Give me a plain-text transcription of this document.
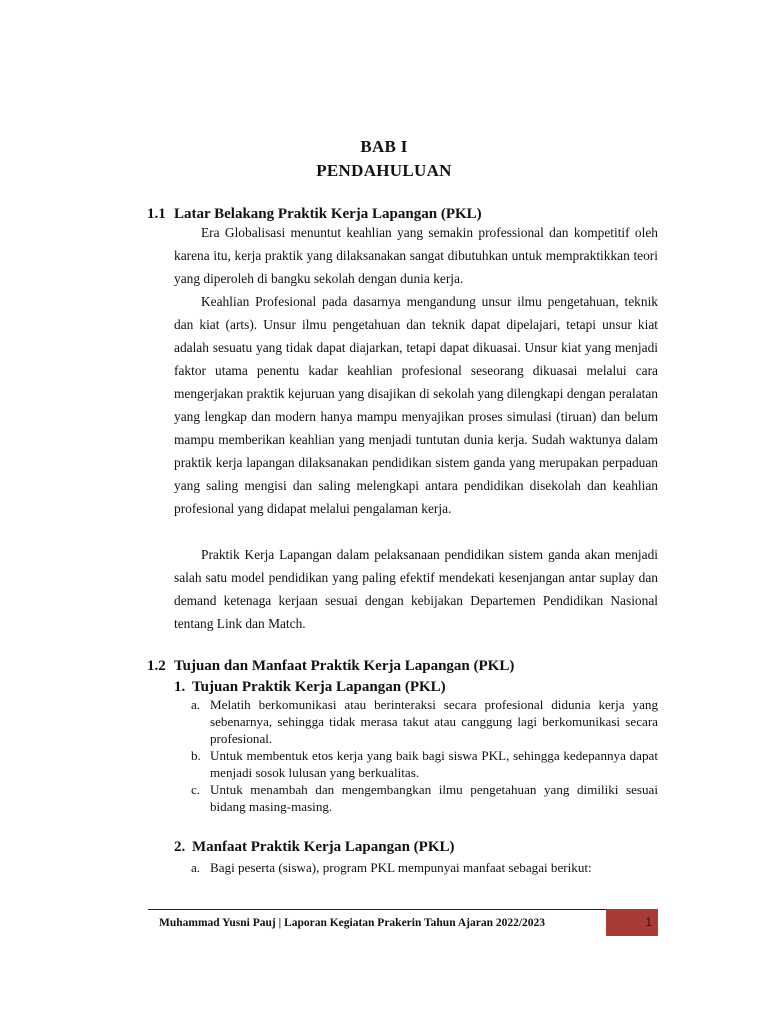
BAB I
PENDAHULUAN
1.1 Latar Belakang Praktik Kerja Lapangan (PKL)

Era Globalisasi menuntut keahlian yang semakin professional dan kompetitif oleh karena itu, kerja praktik yang dilaksanakan sangat dibutuhkan untuk mempraktikkan teori yang diperoleh di bangku sekolah dengan dunia kerja.

Keahlian Profesional pada dasarnya mengandung unsur ilmu pengetahuan, teknik dan kiat (arts). Unsur ilmu pengetahuan dan teknik dapat dipelajari, tetapi unsur kiat adalah sesuatu yang tidak dapat diajarkan, tetapi dapat dikuasai. Unsur kiat yang menjadi faktor utama penentu kadar keahlian profesional seseorang dikuasai melalui cara mengerjakan praktik kejuruan yang disajikan di sekolah yang dilengkapi dengan peralatan yang lengkap dan modern hanya mampu menyajikan proses simulasi (tiruan) dan belum mampu memberikan keahlian yang menjadi tuntutan dunia kerja. Sudah waktunya dalam praktik kerja lapangan dilaksanakan pendidikan sistem ganda yang merupakan perpaduan yang saling mengisi dan saling melengkapi antara pendidikan disekolah dan keahlian profesional yang didapat melalui pengalaman kerja.

Praktik Kerja Lapangan dalam pelaksanaan pendidikan sistem ganda akan menjadi salah satu model pendidikan yang paling efektif mendekati kesenjangan antar suplay dan demand ketenaga kerjaan sesuai dengan kebijakan Departemen Pendidikan Nasional tentang Link dan Match.

1.2 Tujuan dan Manfaat Praktik Kerja Lapangan (PKL)
1. Tujuan Praktik Kerja Lapangan (PKL)
a. Melatih berkomunikasi atau berinteraksi secara profesional didunia kerja yang sebenarnya, sehingga tidak merasa takut atau canggung lagi berkomunikasi secara profesional.
b. Untuk membentuk etos kerja yang baik bagi siswa PKL, sehingga kedepannya dapat menjadi sosok lulusan yang berkualitas.
c. Untuk menambah dan mengembangkan ilmu pengetahuan yang dimiliki sesuai bidang masing-masing.
2. Manfaat Praktik Kerja Lapangan (PKL)
a. Bagi peserta (siswa), program PKL mempunyai manfaat sebagai berikut:
Muhammad Yusni Pauj | Laporan Kegiatan Prakerin Tahun Ajaran 2022/2023	1
